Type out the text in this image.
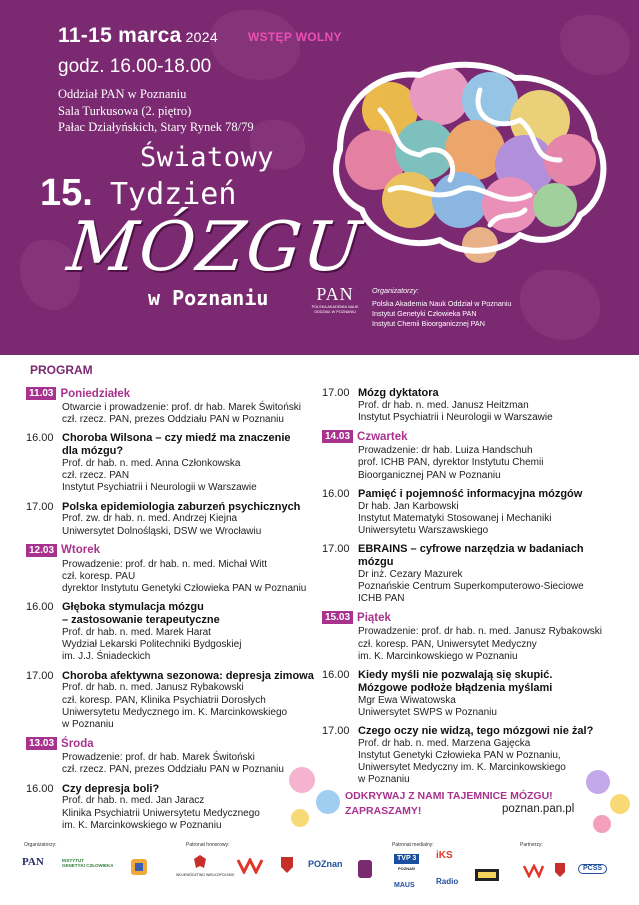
11-15 marca 2024	WSTĘP WOLNY
godz. 16.00-18.00
Oddział PAN w Poznaniu
Sala Turkusowa (2. piętro)
Pałac Działyńskich, Stary Rynek 78/79
Światowy
15. Tydzień
MÓZGU
w Poznaniu	PAN
POLSKA AKADEMIA NAUK
ODDZIAŁ W POZNANIU
Organizatorzy:
Polska Akademia Nauk Oddział w Poznaniu
Instytut Genetyki Człowieka PAN
Instytut Chemii Bioorganicznej PAN
PROGRAM
11.03 Poniedziałek
Otwarcie i prowadzenie: prof. dr hab. Marek Świtoński
czł. rzecz. PAN, prezes Oddziału PAN w Poznaniu
16.00 Choroba Wilsona – czy miedź ma znaczenie
dla mózgu?
Prof. dr hab. n. med. Anna Członkowska
czł. rzecz. PAN
Instytut Psychiatrii i Neurologii w Warszawie
17.00 Polska epidemiologia zaburzeń psychicznych
Prof. zw. dr hab. n. med. Andrzej Kiejna
Uniwersytet Dolnośląski, DSW we Wrocławiu
12.03 Wtorek
Prowadzenie: prof. dr hab. n. med. Michał Witt
czł. koresp. PAU
dyrektor Instytutu Genetyki Człowieka PAN w Poznaniu
16.00 Głęboka stymulacja mózgu
– zastosowanie terapeutyczne
Prof. dr hab. n. med. Marek Harat
Wydział Lekarski Politechniki Bydgoskiej
im. J.J. Śniadeckich
17.00 Choroba afektywna sezonowa: depresja zimowa
Prof. dr hab. n. med. Janusz Rybakowski
czł. koresp. PAN, Klinika Psychiatrii Dorosłych
Uniwersytetu Medycznego im. K. Marcinkowskiego
w Poznaniu
13.03 Środa
Prowadzenie: prof. dr hab. Marek Świtoński
czł. rzecz. PAN, prezes Oddziału PAN w Poznaniu
16.00 Czy depresja boli?
Prof. dr hab. n. med. Jan Jaracz
Klinika Psychiatrii Uniwersytetu Medycznego
im. K. Marcinkowskiego w Poznaniu
17.00 Mózg dyktatora
Prof. dr hab. n. med. Janusz Heitzman
Instytut Psychiatrii i Neurologii w Warszawie
14.03 Czwartek
Prowadzenie: dr hab. Luiza Handschuh
prof. ICHB PAN, dyrektor Instytutu Chemii
Bioorganicznej PAN w Poznaniu
16.00 Pamięć i pojemność informacyjna mózgów
Dr hab. Jan Karbowski
Instytut Matematyki Stosowanej i Mechaniki
Uniwersytetu Warszawskiego
17.00 EBRAINS – cyfrowe narzędzia w badaniach
mózgu
Dr inż. Cezary Mazurek
Poznańskie Centrum Superkomputerowo-Sieciowe
ICHB PAN
15.03 Piątek
Prowadzenie: prof. dr hab. n. med. Janusz Rybakowski
czł. koresp. PAN, Uniwersytet Medyczny
im. K. Marcinkowskiego w Poznaniu
16.00 Kiedy myśli nie pozwalają się skupić.
Mózgowe podłoże błądzenia myślami
Mgr Ewa Wiwatowska
Uniwersytet SWPS w Poznaniu
17.00 Czego oczy nie widzą, tego mózgowi nie żal?
Prof. dr hab. n. med. Marzena Gajęcka
Instytut Genetyki Człowieka PAN w Poznaniu,
Uniwersytet Medyczny im. K. Marcinkowskiego
w Poznaniu
ODKRYWAJ Z NAMI TAJEMNICE MÓZGU!
ZAPRASZAMY!	poznan.pan.pl
Organizatorzy:	Patronat honorowy:	Patronat medialny:	Partnerzy:
PAN	INSTYTUT
GENETYKI CZŁOWIEKA
WOJEWÓDZTWO WIELKOPOLSKIE
POZnan
TVP 3
POZNAŃ
MAUS
iKS
Radio
PCSS
